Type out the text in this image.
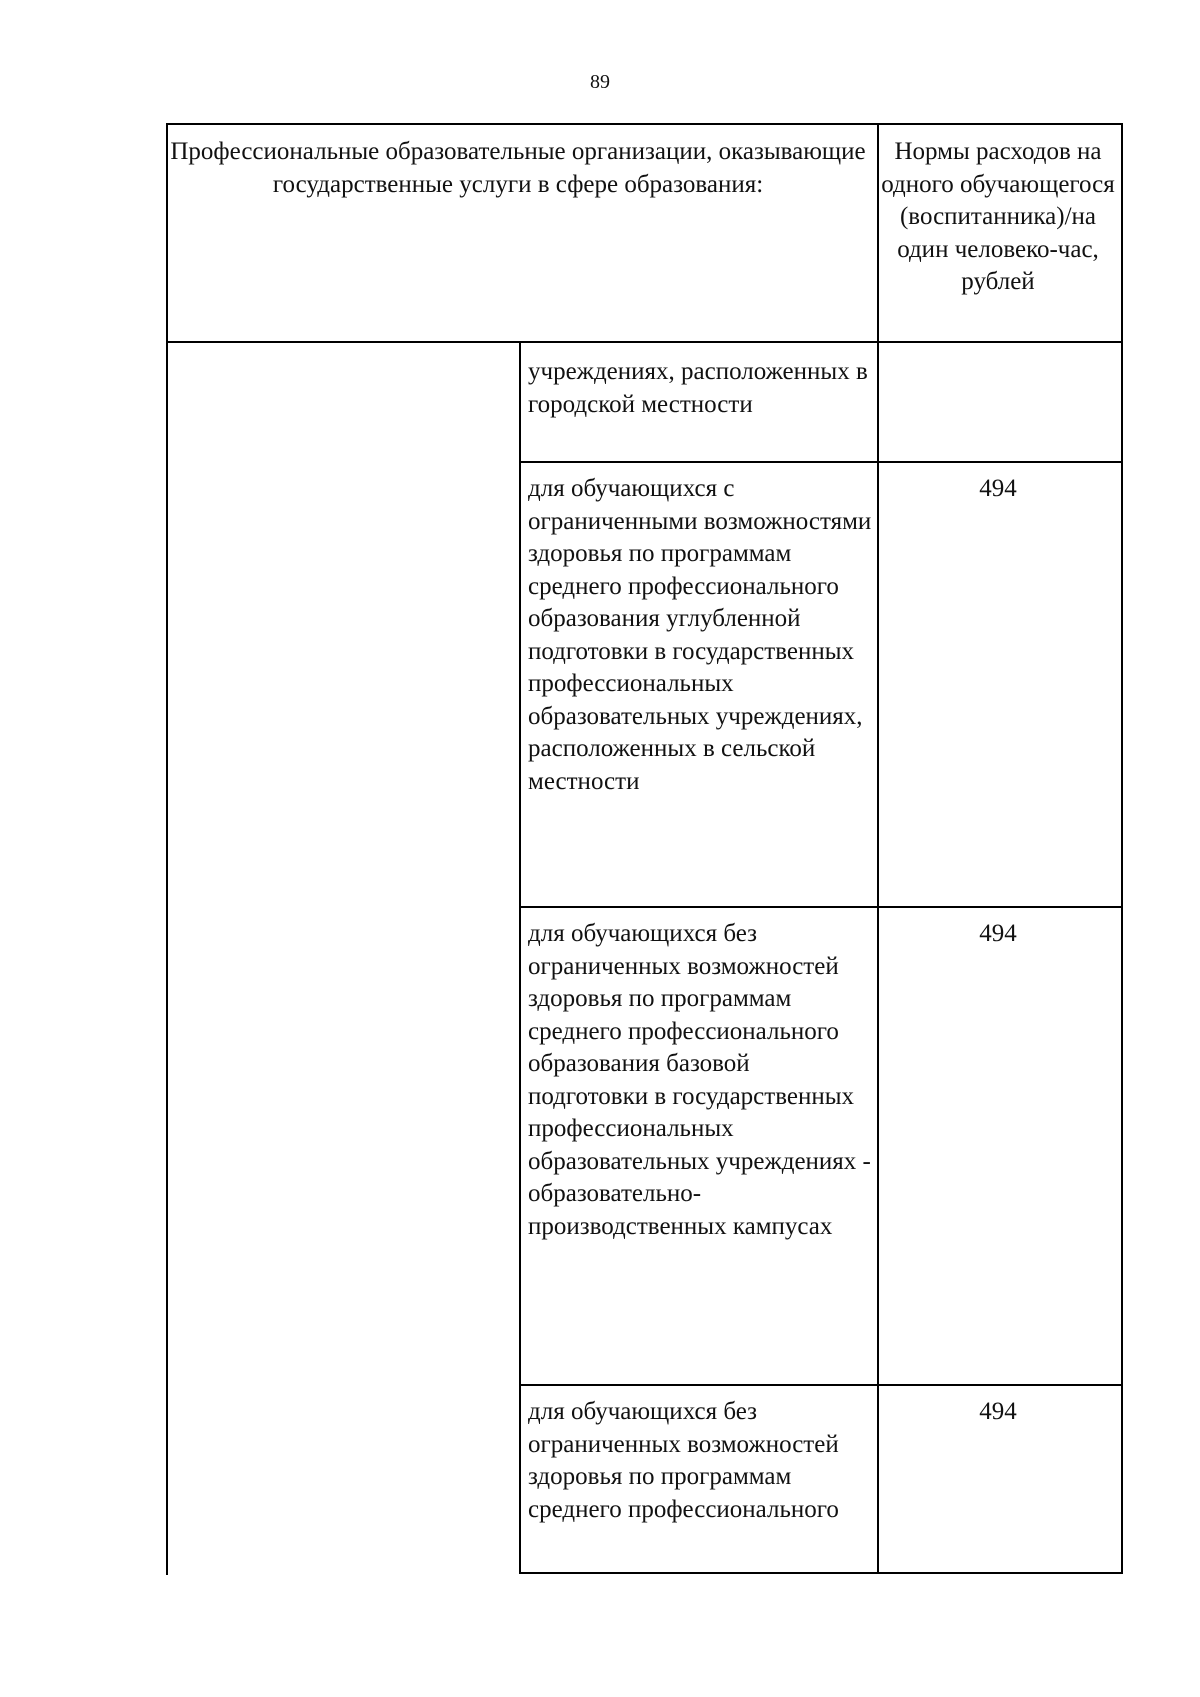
89
Профессиональные образовательные организации, оказывающие государственные услуги в сфере образования:
Нормы расходов на одного обучающегося (воспитанника)/на один человеко-час, рублей
учреждениях, расположенных в городской местности
для обучающихся с ограниченными возможностями здоровья по программам среднего профессионального образования углубленной подготовки в государственных профессиональных образовательных учреждениях, расположенных в сельской местности
494
для обучающихся без ограниченных возможностей здоровья по программам среднего профессионального образования базовой подготовки в государственных профессиональных образовательных учреждениях - образовательно-производственных кампусах
494
для обучающихся без ограниченных возможностей здоровья по программам среднего профессионального
494
